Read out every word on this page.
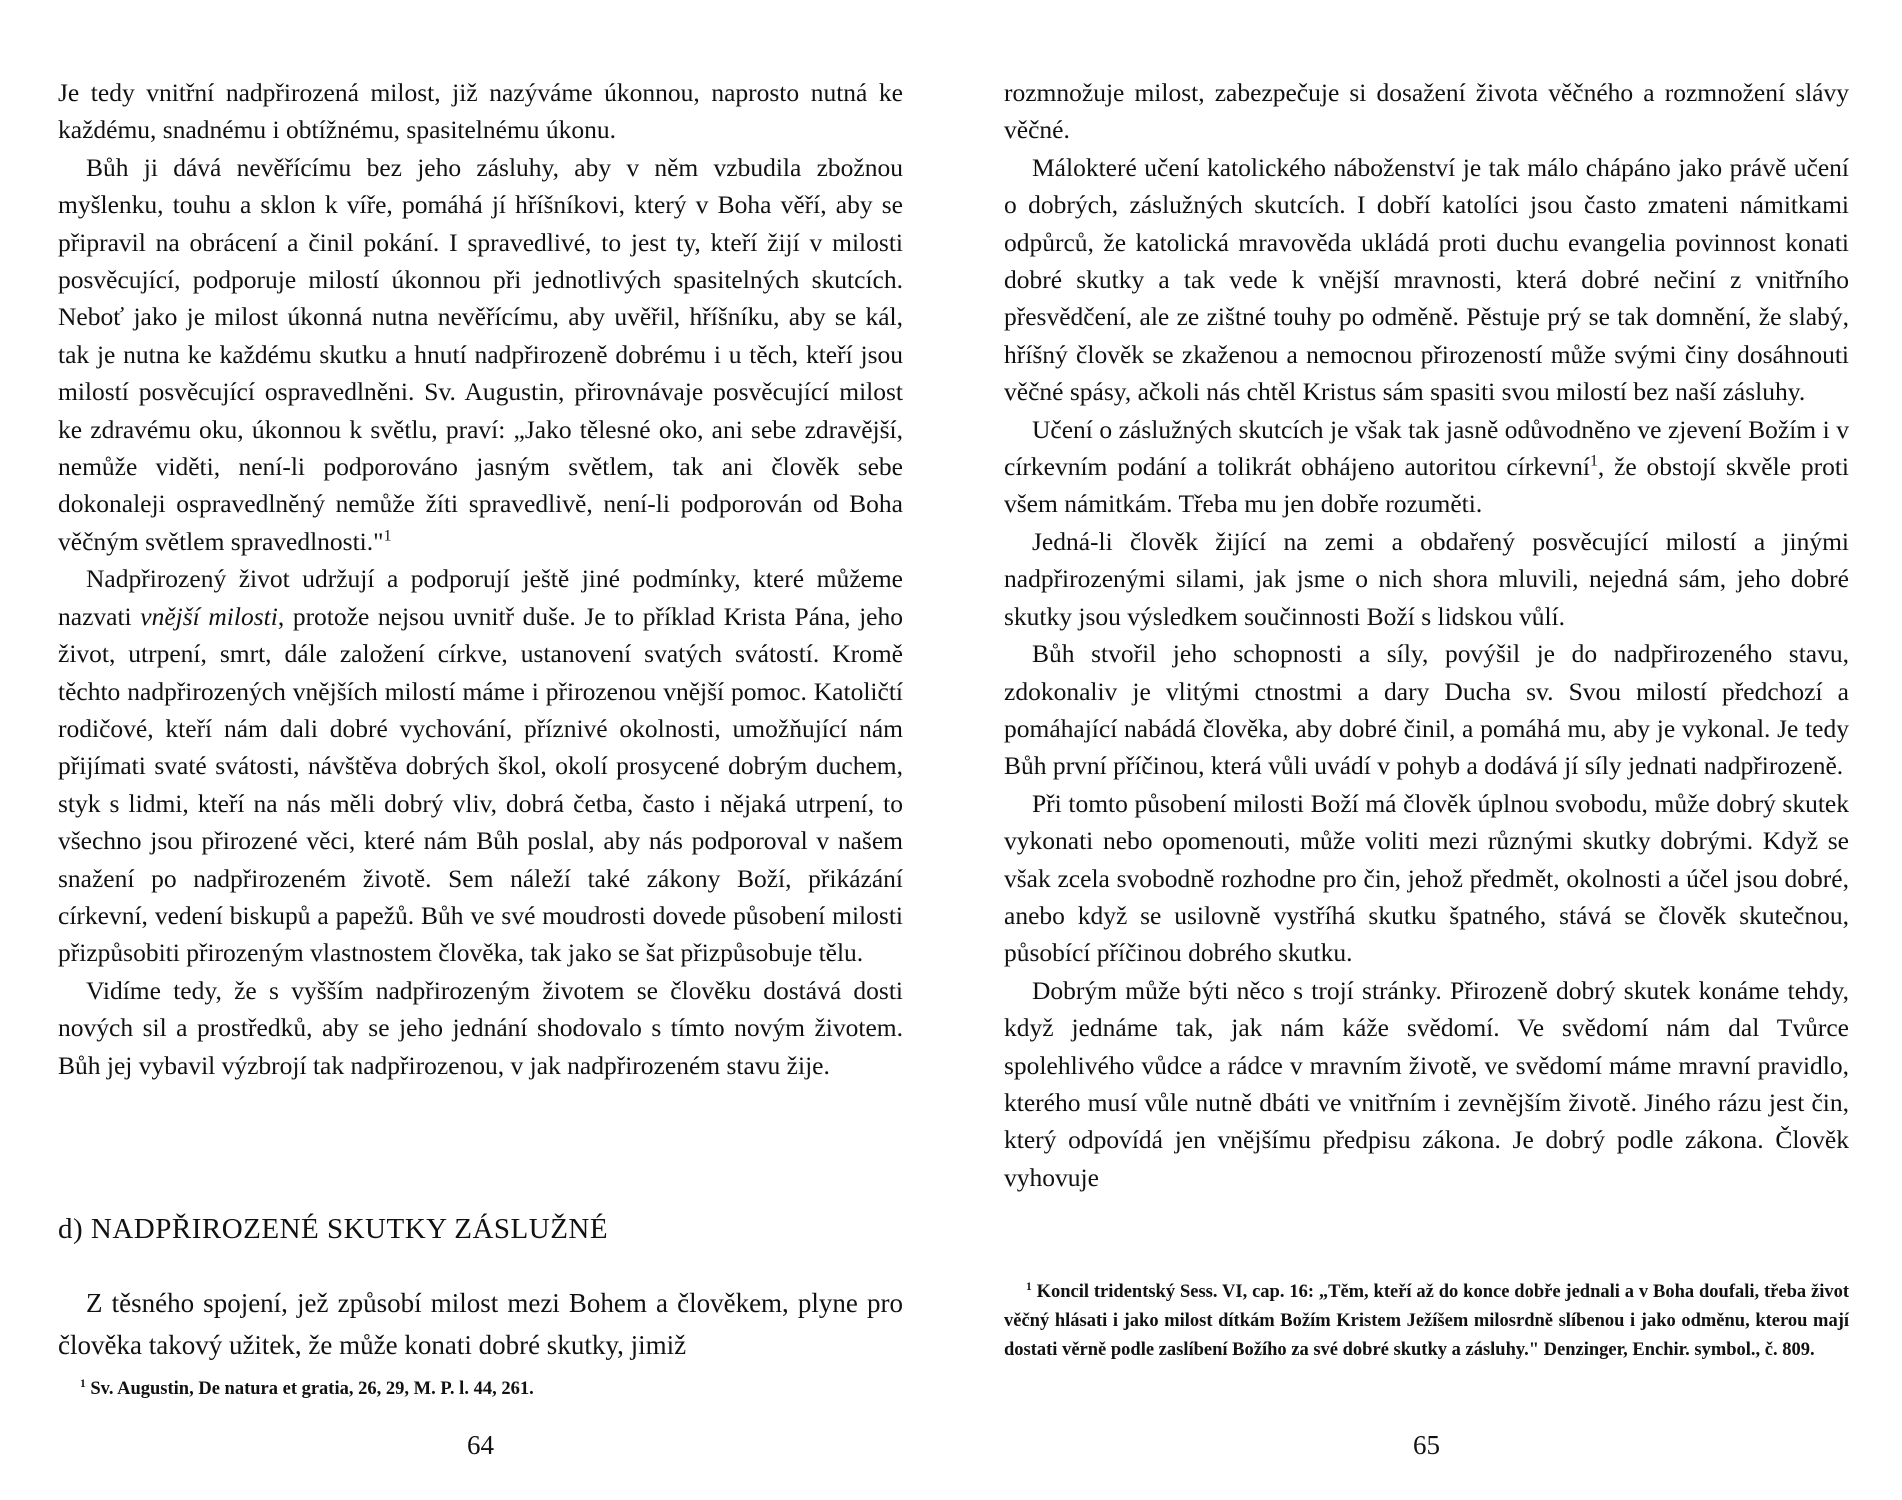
Je tedy vnitřní nadpřirozená milost, již nazýváme úkonnou, naprosto nutná ke každému, snadnému i obtížnému, spasitelnému úkonu.

Bůh ji dává nevěřícímu bez jeho zásluhy, aby v něm vzbudila zbožnou myšlenku, touhu a sklon k víře, pomáhá jí hříšníkovi, který v Boha věří, aby se připravil na obrácení a činil pokání. I spravedlivé, to jest ty, kteří žijí v milosti posvěcující, podporuje milostí úkonnou při jednotlivých spasitelných skutcích. Neboť jako je milost úkonná nutna nevěřícímu, aby uvěřil, hříšníku, aby se kál, tak je nutna ke každému skutku a hnutí nadpřirozeně dobrému i u těch, kteří jsou milostí posvěcující ospravedlněni. Sv. Augustin, přirovnávaje posvěcující milost ke zdravému oku, úkonnou k světlu, praví: „Jako tělesné oko, ani sebe zdravější, nemůže viděti, není-li podporováno jasným světlem, tak ani člověk sebe dokonaleji ospravedlněný nemůže žíti spravedlivě, není-li podporován od Boha věčným světlem spravedlnosti."$^1$

Nadpřirozený život udržují a podporují ještě jiné podmínky, které můžeme nazvati vnější milosti, protože nejsou uvnitř duše. Je to příklad Krista Pána, jeho život, utrpení, smrt, dále založení církve, ustanovení svatých svátostí. Kromě těchto nadpřirozených vnějších milostí máme i přirozenou vnější pomoc. Katoličtí rodičové, kteří nám dali dobré vychování, příznivé okolnosti, umožňující nám přijímati svaté svátosti, návštěva dobrých škol, okolí prosycené dobrým duchem, styk s lidmi, kteří na nás měli dobrý vliv, dobrá četba, často i nějaká utrpení, to všechno jsou přirozené věci, které nám Bůh poslal, aby nás podporoval v našem snažení po nadpřirozeném životě. Sem náleží také zákony Boží, přikázání církevní, vedení biskupů a papežů. Bůh ve své moudrosti dovede působení milosti přizpůsobiti přirozeným vlastnostem člověka, tak jako se šat přizpůsobuje tělu.

Vidíme tedy, že s vyšším nadpřirozeným životem se člověku dostává dosti nových sil a prostředků, aby se jeho jednání shodovalo s tímto novým životem. Bůh jej vybavil výzbrojí tak nadpřirozenou, v jak nadpřirozeném stavu žije.

d) NADPŘIROZENÉ SKUTKY ZÁSLUŽNÉ

Z těsného spojení, jež způsobí milost mezi Bohem a člověkem, plyne pro člověka takový užitek, že může konati dobré skutky, jimiž

$^1$ Sv. Augustin, De natura et gratia, 26, 29, M. P. l. 44, 261.

64

rozmnožuje milost, zabezpečuje si dosažení života věčného a rozmnožení slávy věčné.

Málokteré učení katolického náboženství je tak málo chápáno jako právě učení o dobrých, záslužných skutcích. I dobří katolíci jsou často zmateni námitkami odpůrců, že katolická mravověda ukládá proti duchu evangelia povinnost konati dobré skutky a tak vede k vnější mravnosti, která dobré nečiní z vnitřního přesvědčení, ale ze zištné touhy po odměně. Pěstuje prý se tak domnění, že slabý, hříšný člověk se zkaženou a nemocnou přirozeností může svými činy dosáhnouti věčné spásy, ačkoli nás chtěl Kristus sám spasiti svou milostí bez naší zásluhy.

Učení o záslužných skutcích je však tak jasně odůvodněno ve zjevení Božím i v církevním podání a tolikrát obhájeno autoritou církevní$^1$, že obstojí skvěle proti všem námitkám. Třeba mu jen dobře rozuměti.

Jedná-li člověk žijící na zemi a obdařený posvěcující milostí a jinými nadpřirozenými silami, jak jsme o nich shora mluvili, nejedná sám, jeho dobré skutky jsou výsledkem součinnosti Boží s lidskou vůlí.

Bůh stvořil jeho schopnosti a síly, povýšil je do nadpřirozeného stavu, zdokonaliv je vlitými ctnostmi a dary Ducha sv. Svou milostí předchozí a pomáhající nabádá člověka, aby dobré činil, a pomáhá mu, aby je vykonal. Je tedy Bůh první příčinou, která vůli uvádí v pohyb a dodává jí síly jednati nadpřirozeně.

Při tomto působení milosti Boží má člověk úplnou svobodu, může dobrý skutek vykonati nebo opomenouti, může voliti mezi různými skutky dobrými. Když se však zcela svobodně rozhodne pro čin, jehož předmět, okolnosti a účel jsou dobré, anebo když se usilovně vystříhá skutku špatného, stává se člověk skutečnou, působící příčinou dobrého skutku.

Dobrým může býti něco s trojí stránky. Přirozeně dobrý skutek konáme tehdy, když jednáme tak, jak nám káže svědomí. Ve svědomí nám dal Tvůrce spolehlivého vůdce a rádce v mravním životě, ve svědomí máme mravní pravidlo, kterého musí vůle nutně dbáti ve vnitřním i zevnějším životě. Jiného rázu jest čin, který odpovídá jen vnějšímu předpisu zákona. Je dobrý podle zákona. Člověk vyhovuje

$^1$ Koncil tridentský Sess. VI, cap. 16: „Těm, kteří až do konce dobře jednali a v Boha doufali, třeba život věčný hlásati i jako milost dítkám Božím Kristem Ježíšem milosrdně slíbenou i jako odměnu, kterou mají dostati věrně podle zaslíbení Božího za své dobré skutky a zásluhy." Denzinger, Enchir. symbol., č. 809.

65
